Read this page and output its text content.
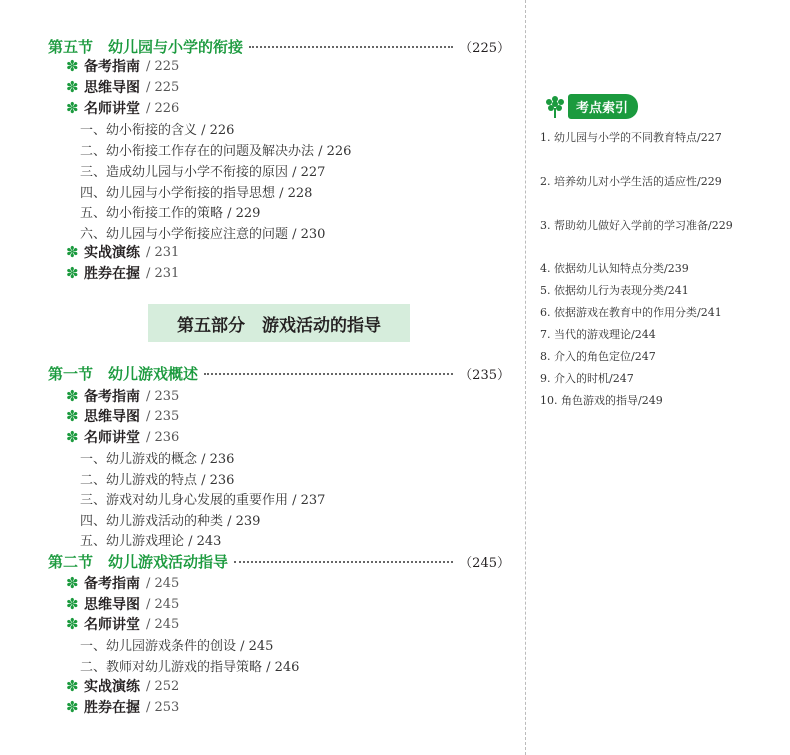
第五节　幼儿园与小学的衔接	（225）
✽ 备考指南 / 225
✽ 思维导图 / 225
✽ 名师讲堂 / 226
一、幼小衔接的含义 / 226
二、幼小衔接工作存在的问题及解决办法 / 226
三、造成幼儿园与小学不衔接的原因 / 227
四、幼儿园与小学衔接的指导思想 / 228
五、幼小衔接工作的策略 / 229
六、幼儿园与小学衔接应注意的问题 / 230
✽ 实战演练 / 231
✽ 胜券在握 / 231
第五部分　游戏活动的指导
第一节　幼儿游戏概述	（235）
✽ 备考指南 / 235
✽ 思维导图 / 235
✽ 名师讲堂 / 236
一、幼儿游戏的概念 / 236
二、幼儿游戏的特点 / 236
三、游戏对幼儿身心发展的重要作用 / 237
四、幼儿游戏活动的种类 / 239
五、幼儿游戏理论 / 243
第二节　幼儿游戏活动指导	（245）
✽ 备考指南 / 245
✽ 思维导图 / 245
✽ 名师讲堂 / 245
一、幼儿园游戏条件的创设 / 245
二、教师对幼儿游戏的指导策略 / 246
✽ 实战演练 / 252
✽ 胜券在握 / 253
考点索引
1. 幼儿园与小学的不同教育特点/227
2. 培养幼儿对小学生活的适应性/229
3. 帮助幼儿做好入学前的学习准备/229
4. 依据幼儿认知特点分类/239
5. 依据幼儿行为表现分类/241
6. 依据游戏在教育中的作用分类/241
7. 当代的游戏理论/244
8. 介入的角色定位/247
9. 介入的时机/247
10. 角色游戏的指导/249
